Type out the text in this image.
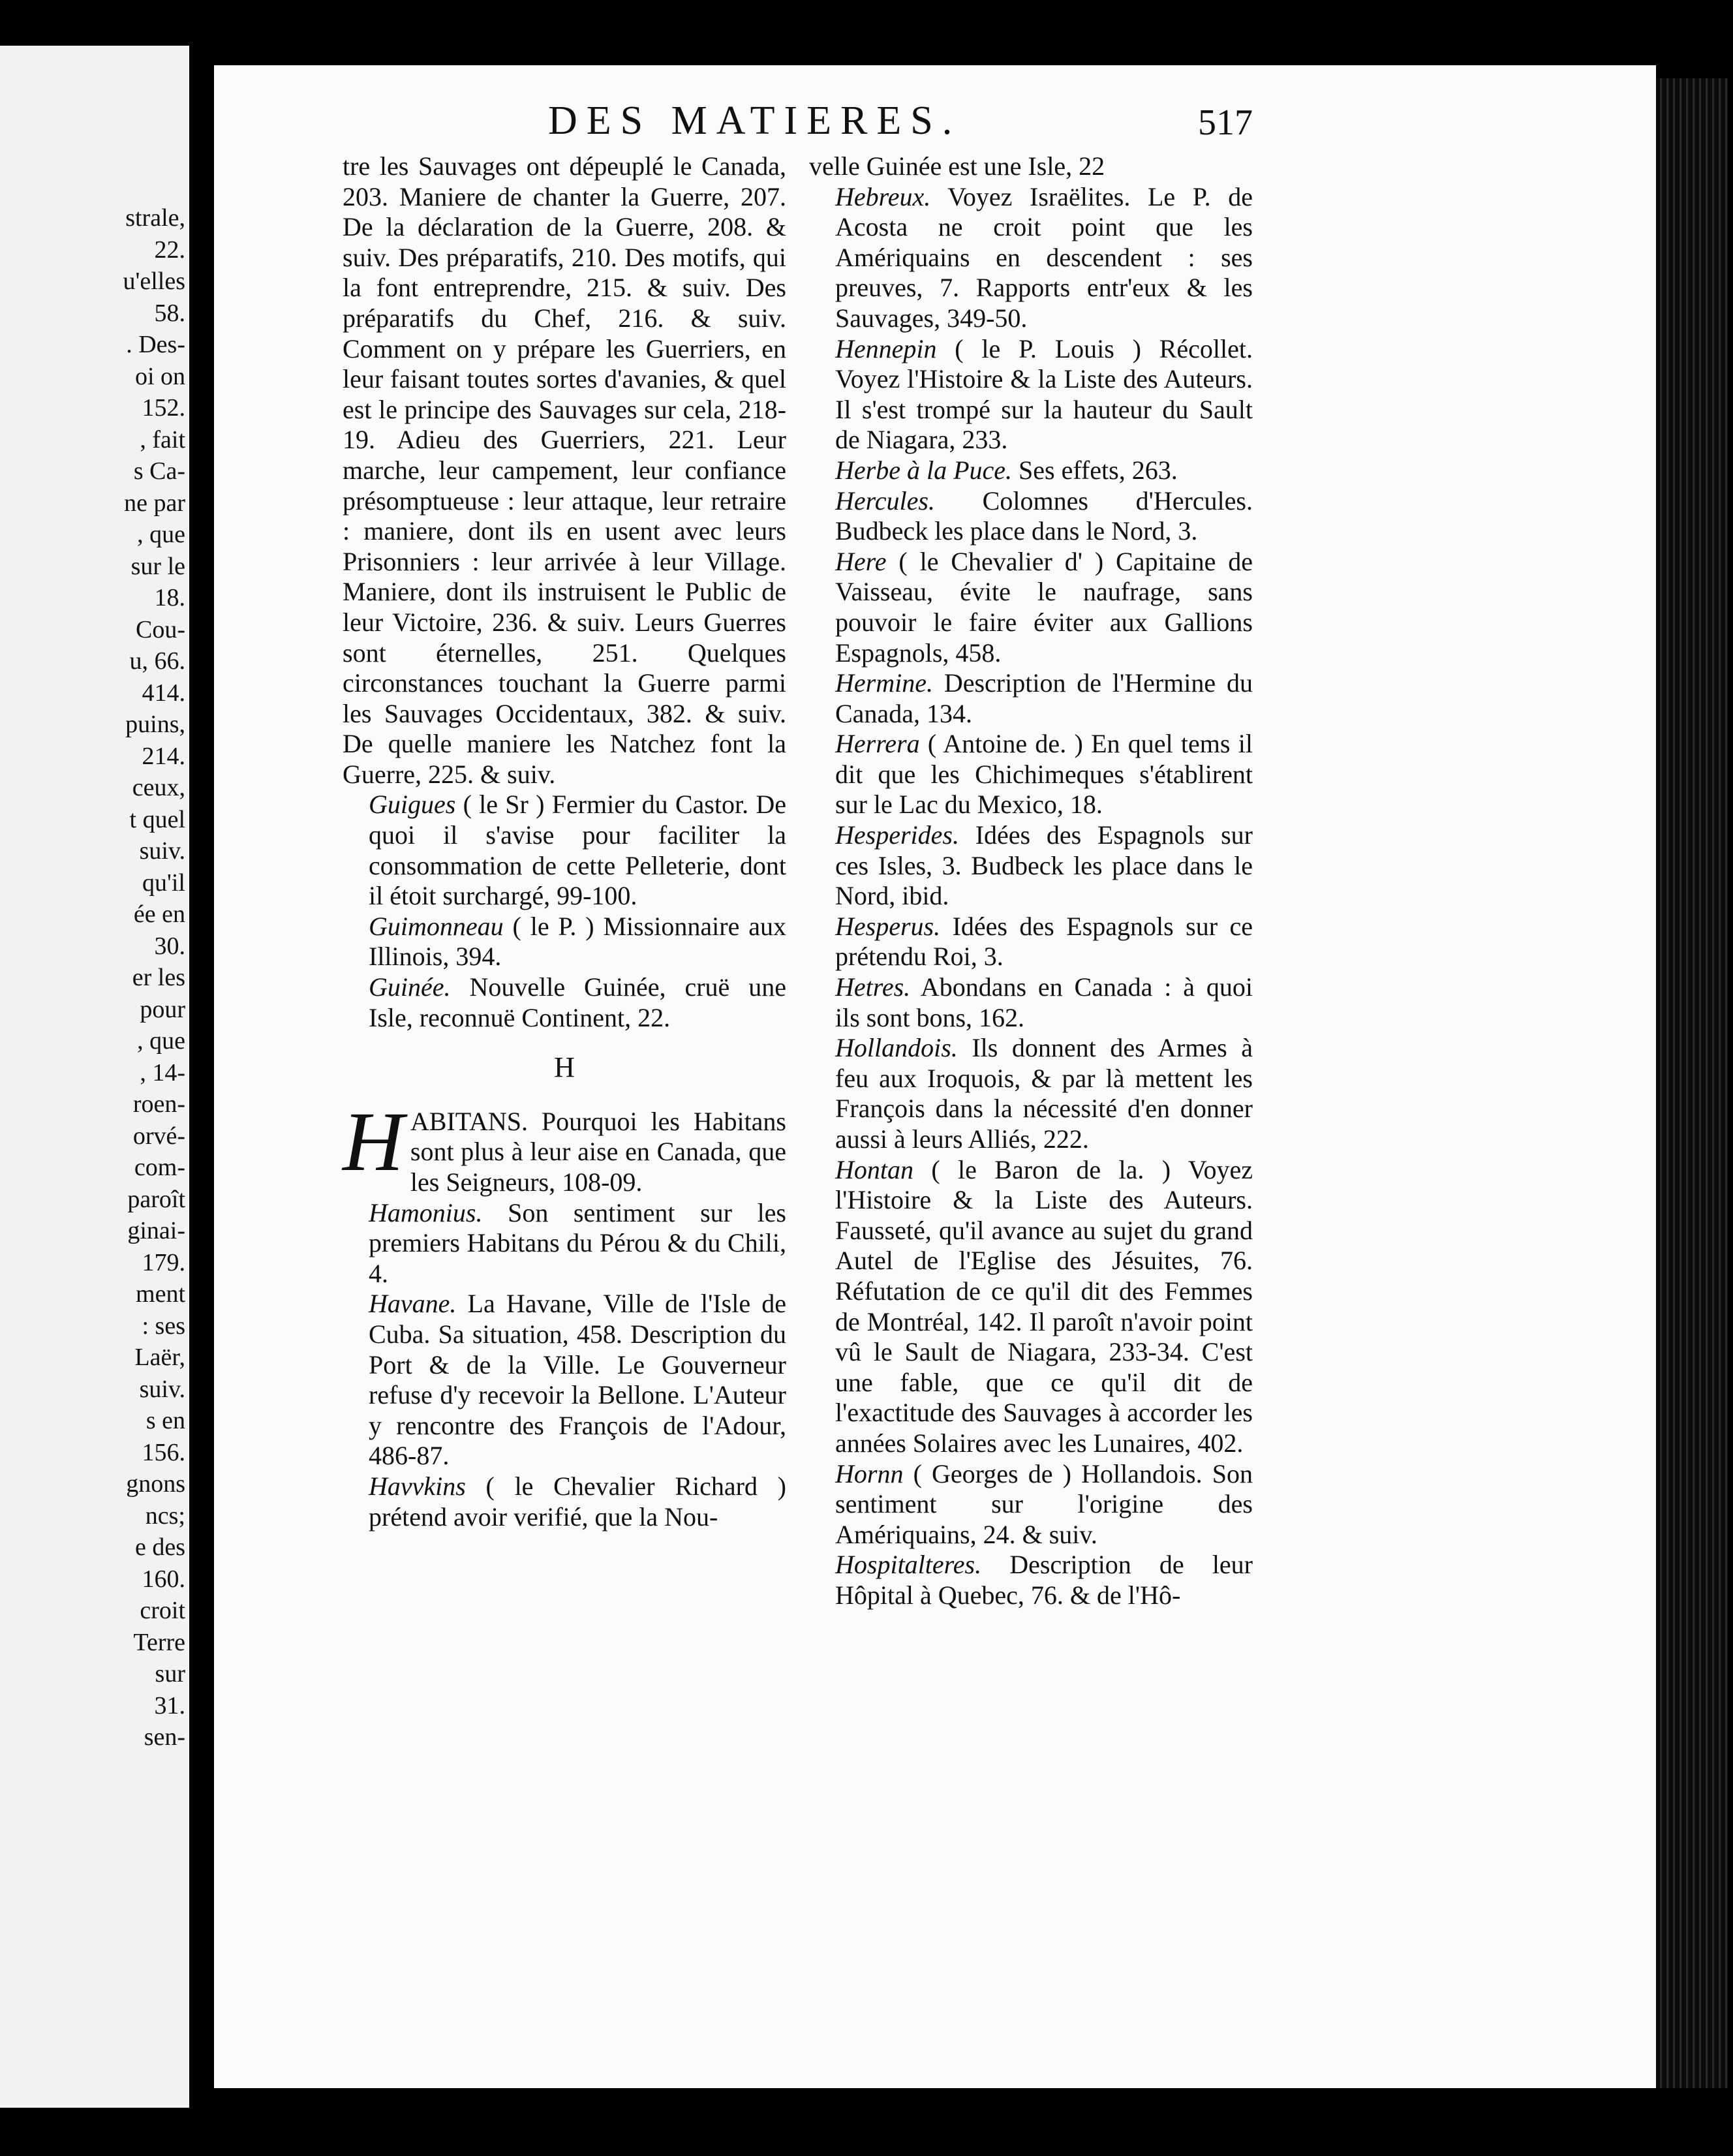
strale,
22.
u'elles
58.
. Des-
oi on
152.
, fait
s Ca-
ne par
, que
sur le
18.
Cou-
u, 66.
414.
puins,
214.
ceux,
t quel
suiv.
qu'il
ée en
30.
er les
pour
, que
, 14-
roen-
orvé-
com-
paroît
ginai-
179.
ment
: ses
Laër,
suiv.
s en
156.
gnons
ncs;
e des
160.
croit
Terre
sur
31.
sen-
DES MATIERES.	517

tre les Sauvages ont dépeuplé le Canada, 203. Maniere de chanter la Guerre, 207. De la déclaration de la Guerre, 208. & suiv. Des préparatifs, 210. Des motifs, qui la font entreprendre, 215. & suiv. Des préparatifs du Chef, 216. & suiv. Comment on y prépare les Guerriers, en leur faisant toutes sortes d'avanies, & quel est le principe des Sauvages sur cela, 218-19. Adieu des Guerriers, 221. Leur marche, leur campement, leur confiance présomptueuse : leur attaque, leur retraire : maniere, dont ils en usent avec leurs Prisonniers : leur arrivée à leur Village. Maniere, dont ils instruisent le Public de leur Victoire, 236. & suiv. Leurs Guerres sont éternelles, 251. Quelques circonstances touchant la Guerre parmi les Sauvages Occidentaux, 382. & suiv. De quelle maniere les Natchez font la Guerre, 225. & suiv.

Guigues ( le Sr ) Fermier du Castor. De quoi il s'avise pour faciliter la consommation de cette Pelleterie, dont il étoit surchargé, 99-100.

Guimonneau ( le P. ) Missionnaire aux Illinois, 394.

Guinée. Nouvelle Guinée, cruë une Isle, reconnuë Continent, 22.

H

H ABITANS. Pourquoi les Habitans sont plus à leur aise en Canada, que les Seigneurs, 108-09.

Hamonius. Son sentiment sur les premiers Habitans du Pérou & du Chili, 4.

Havane. La Havane, Ville de l'Isle de Cuba. Sa situation, 458. Description du Port & de la Ville. Le Gouverneur refuse d'y recevoir la Bellone. L'Auteur y rencontre des François de l'Adour, 486-87.

Havvkins ( le Chevalier Richard ) prétend avoir verifié, que la Nou-

velle Guinée est une Isle, 22

Hebreux. Voyez Israëlites. Le P. de Acosta ne croit point que les Amériquains en descendent : ses preuves, 7. Rapports entr'eux & les Sauvages, 349-50.

Hennepin ( le P. Louis ) Récollet. Voyez l'Histoire & la Liste des Auteurs. Il s'est trompé sur la hauteur du Sault de Niagara, 233.

Herbe à la Puce. Ses effets, 263.

Hercules. Colomnes d'Hercules. Budbeck les place dans le Nord, 3.

Here ( le Chevalier d' ) Capitaine de Vaisseau, évite le naufrage, sans pouvoir le faire éviter aux Gallions Espagnols, 458.

Hermine. Description de l'Hermine du Canada, 134.

Herrera ( Antoine de. ) En quel tems il dit que les Chichimeques s'établirent sur le Lac du Mexico, 18.

Hesperides. Idées des Espagnols sur ces Isles, 3. Budbeck les place dans le Nord, ibid.

Hesperus. Idées des Espagnols sur ce prétendu Roi, 3.

Hetres. Abondans en Canada : à quoi ils sont bons, 162.

Hollandois. Ils donnent des Armes à feu aux Iroquois, & par là mettent les François dans la nécessité d'en donner aussi à leurs Alliés, 222.

Hontan ( le Baron de la. ) Voyez l'Histoire & la Liste des Auteurs. Fausseté, qu'il avance au sujet du grand Autel de l'Eglise des Jésuites, 76. Réfutation de ce qu'il dit des Femmes de Montréal, 142. Il paroît n'avoir point vû le Sault de Niagara, 233-34. C'est une fable, que ce qu'il dit de l'exactitude des Sauvages à accorder les années Solaires avec les Lunaires, 402.

Hornn ( Georges de ) Hollandois. Son sentiment sur l'origine des Amériquains, 24. & suiv.

Hospitalteres. Description de leur Hôpital à Quebec, 76. & de l'Hô-
